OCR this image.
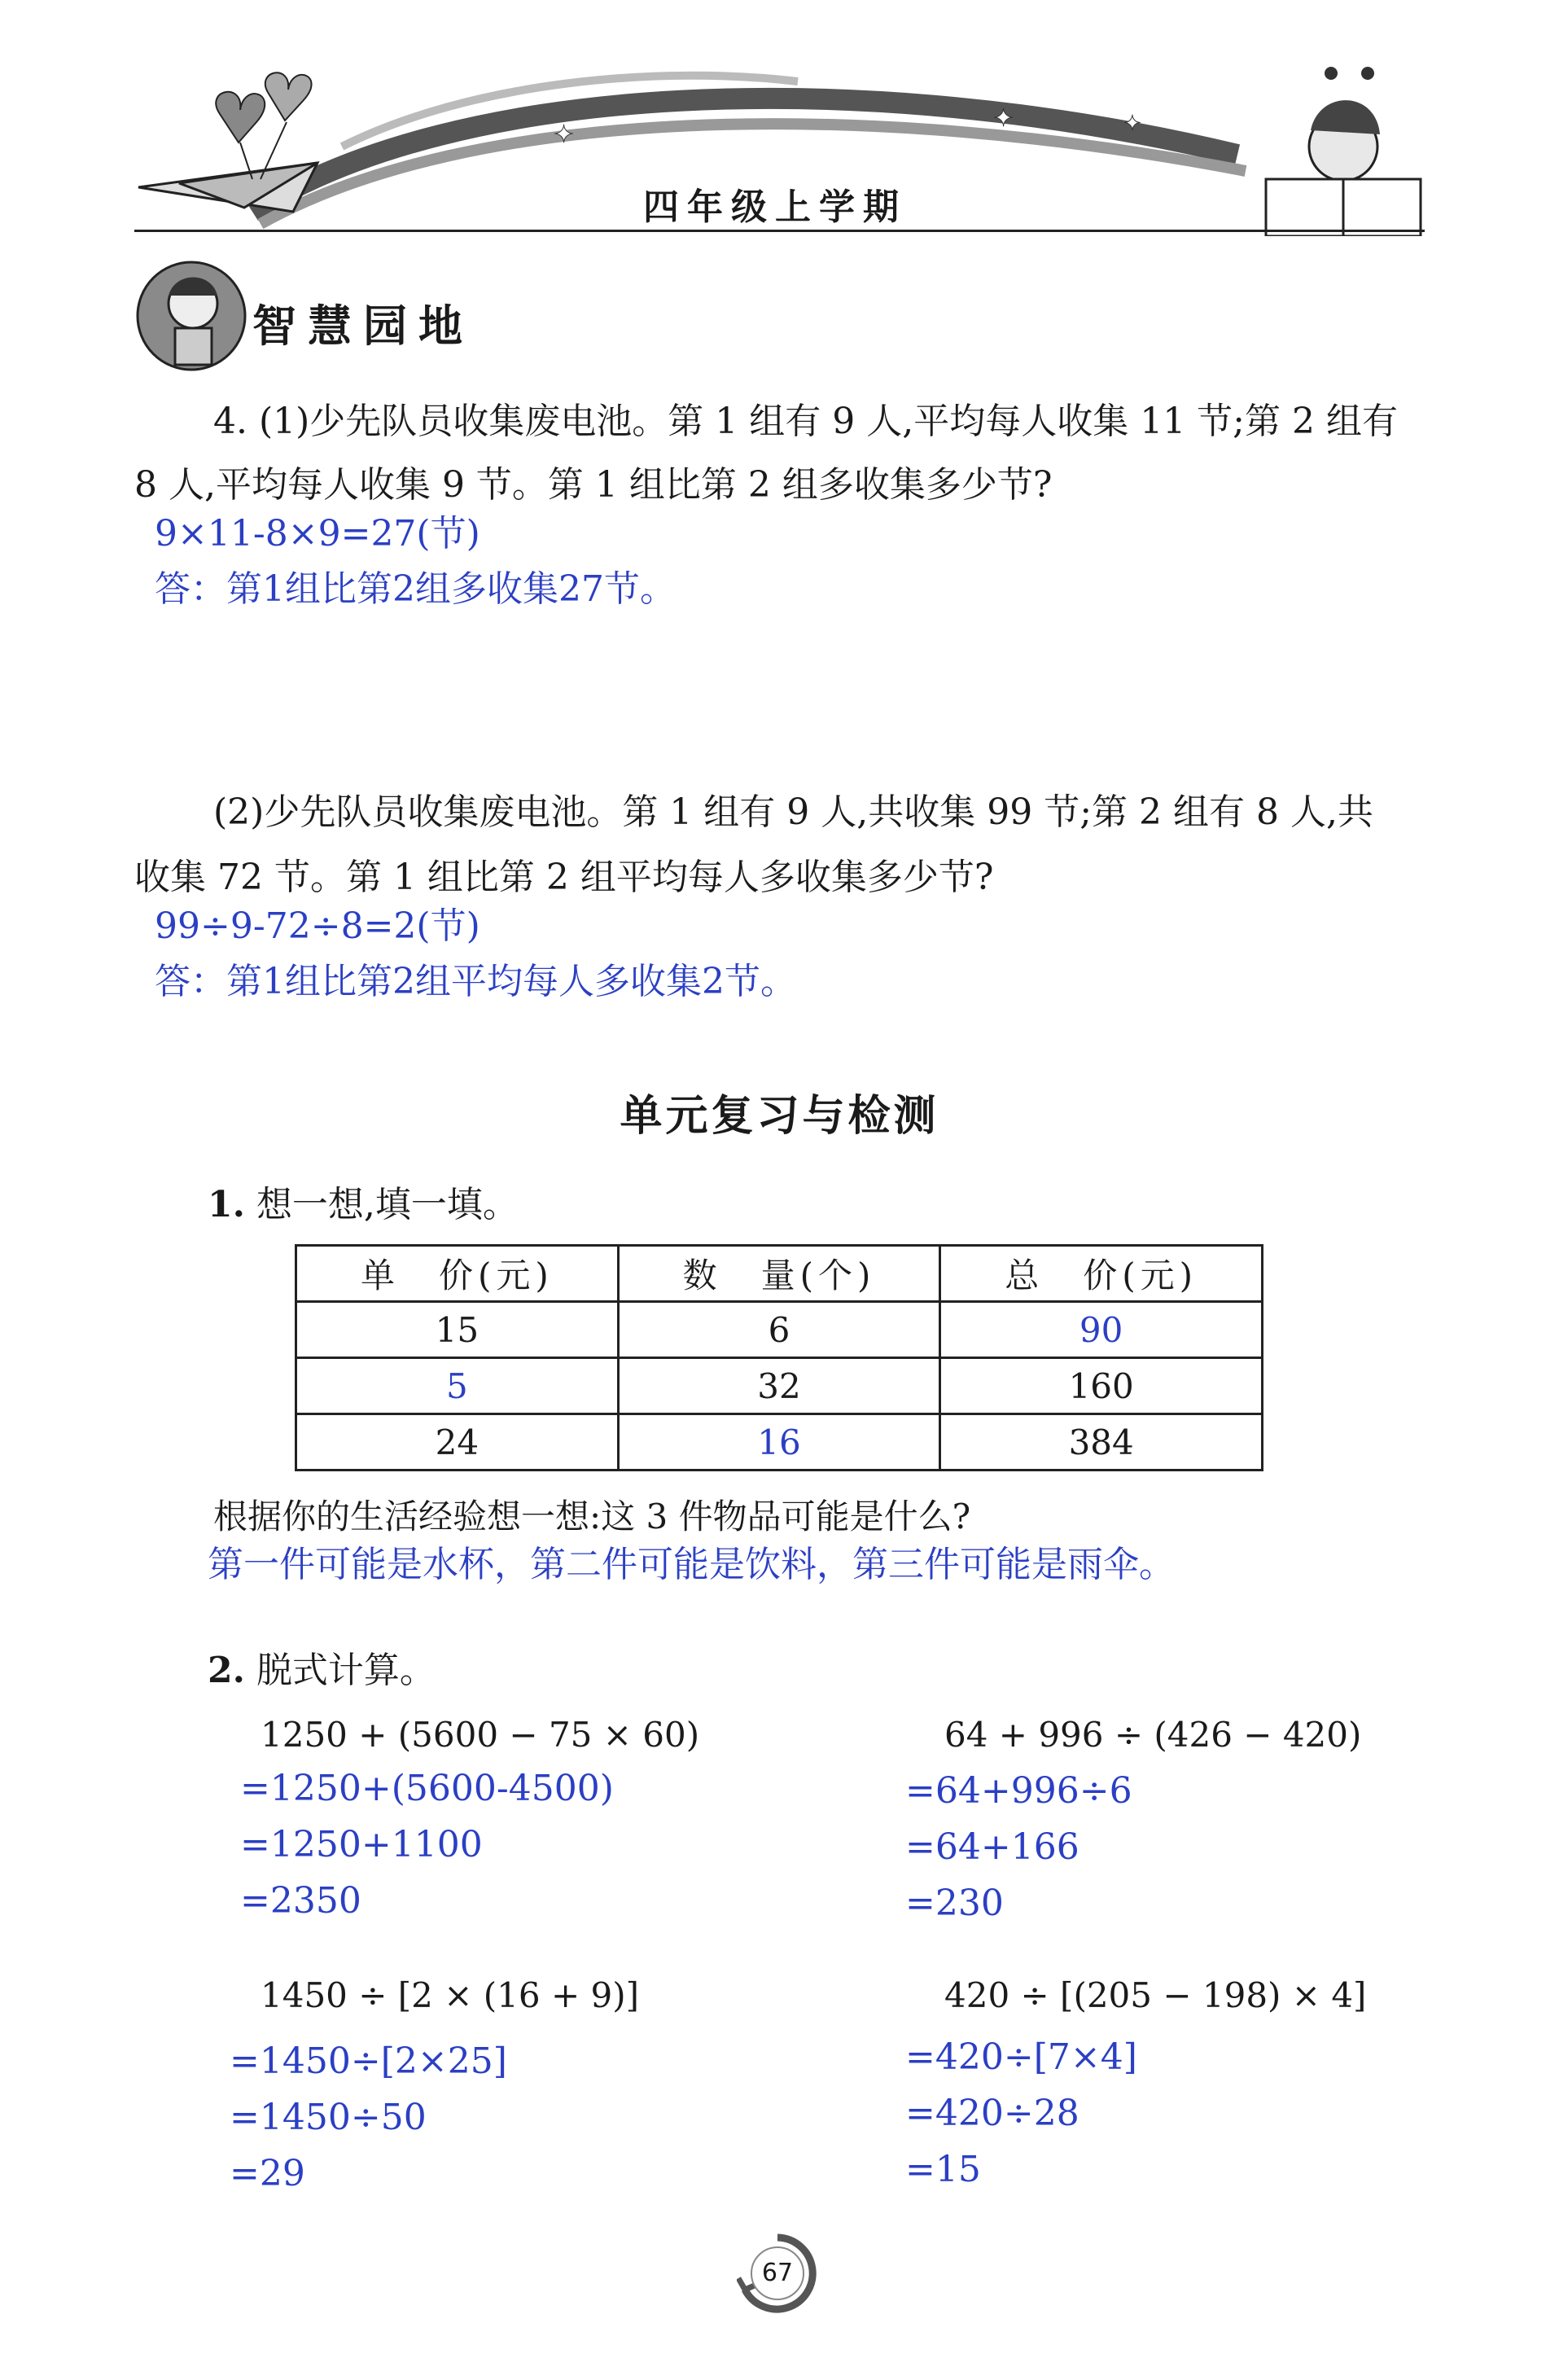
✦
✦	✦
四年级上学期
智慧园地
4. (1)少先队员收集废电池。第 1 组有 9 人,平均每人收集 11 节;第 2 组有
8 人,平均每人收集 9 节。第 1 组比第 2 组多收集多少节?
9×11-8×9=27(节)
答：第1组比第2组多收集27节。
(2)少先队员收集废电池。第 1 组有 9 人,共收集 99 节;第 2 组有 8 人,共
收集 72 节。第 1 组比第 2 组平均每人多收集多少节?
99÷9-72÷8=2(节)
答：第1组比第2组平均每人多收集2节。
单元复习与检测
1. 想一想,填一填。
单　价(元)	数　量(个)	总　价(元)
15	6	90
5	32	160
24	16	384
根据你的生活经验想一想:这 3 件物品可能是什么?
第一件可能是水杯，第二件可能是饮料，第三件可能是雨伞。
2. 脱式计算。
1250 + (5600 − 75 × 60)
=1250+(5600-4500)
=1250+1100
=2350
64 + 996 ÷ (426 − 420)
=64+996÷6
=64+166
=230
1450 ÷ [2 × (16 + 9)]
=1450÷[2×25]
=1450÷50
=29
420 ÷ [(205 − 198) × 4]
=420÷[7×4]
=420÷28
=15
67
